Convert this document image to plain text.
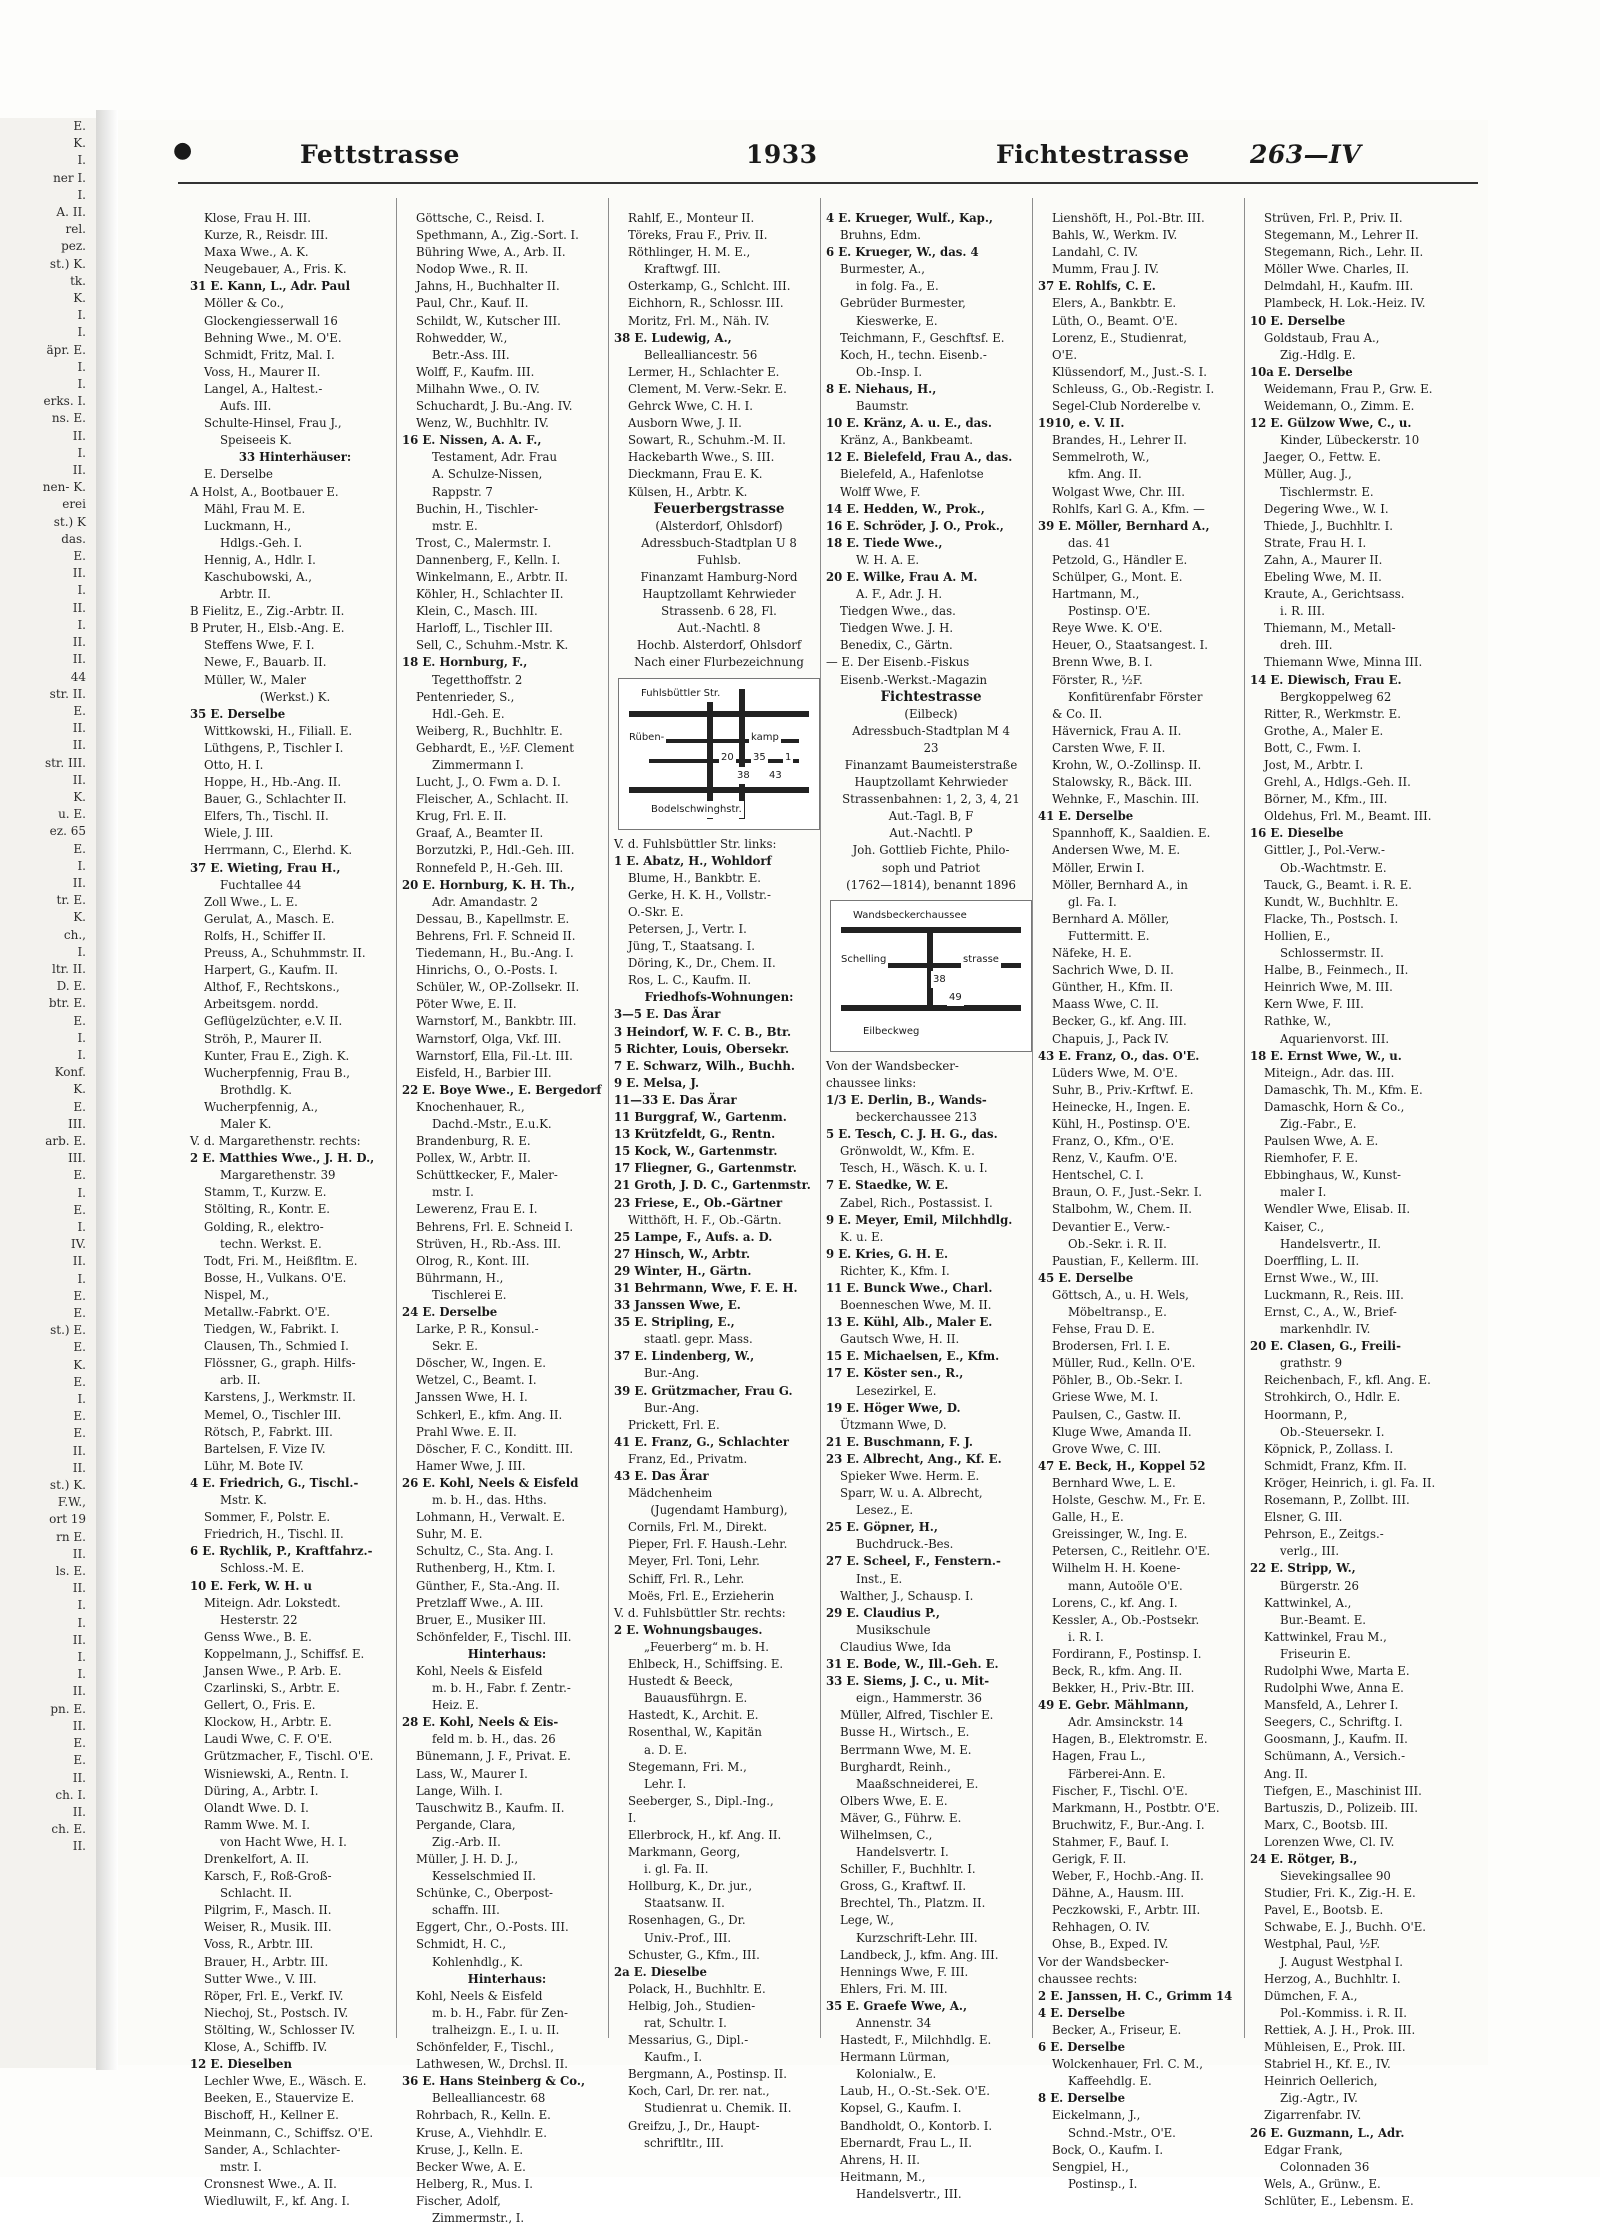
E.
K.
I.
ner I.
I.
A. II.
rel.
pez.
st.) K.
tk.
K.
I.
I.
äpr. E.
I.
I.
erks. I.
ns. E.
II.
I.
II.
nen- K.
erei
st.) K
das.
E.
II.
I.
II.
I.
II.
II.
44
str. II.
E.
II.
II.
str. III.
II.
K.
u. E.
ez. 65
E.
I.
II.
tr. E.
K.
ch.,
I.
ltr. II.
D. E.
btr. E.
E.
I.
I.
Konf.
K.
E.
III.
arb. E.
III.
E.
I.
E.
I.
IV.
II.
I.
E.
E.
st.) E.
E.
K.
E.
I.
E.
E.
II.
II.
st.) K.
F.W.,
ort 19
rn E.
II.
ls. E.
II.
I.
I.
II.
I.
I.
II.
pn. E.
II.
E.
E.
II.
ch. I.
II.
ch. E.
II.
●	Fettstrasse	1933	Fichtestrasse 263—IV
Klose, Frau H. III.
Kurze, R., Reisdr. III.
Maxa Wwe., A. K.
Neugebauer, A., Fris. K.
31 E. Kann, L., Adr. Paul
Möller & Co.,
Glockengiesserwall 16
Behning Wwe., M. O'E.
Schmidt, Fritz, Mal. I.
Voss, H., Maurer II.
Langel, A., Haltest.-
Aufs. III.
Schulte-Hinsel, Frau J.,
Speiseeis K.
33 Hinterhäuser:
E. Derselbe
A Holst, A., Bootbauer E.
Mähl, Frau M. E.
Luckmann, H.,
Hdlgs.-Geh. I.
Hennig, A., Hdlr. I.
Kaschubowski, A.,
Arbtr. II.
B Fielitz, E., Zig.-Arbtr. II.
B Pruter, H., Elsb.-Ang. E.
Steffens Wwe, F. I.
Newe, F., Bauarb. II.
Müller, W., Maler
(Werkst.) K.
35 E. Derselbe
Wittkowski, H., Filiall. E.
Lüthgens, P., Tischler I.
Otto, H. I.
Hoppe, H., Hb.-Ang. II.
Bauer, G., Schlachter II.
Elfers, Th., Tischl. II.
Wiele, J. III.
Herrmann, C., Elerhd. K.
37 E. Wieting, Frau H.,
Fuchtallee 44
Zoll Wwe., L. E.
Gerulat, A., Masch. E.
Rolfs, H., Schiffer II.
Preuss, A., Schuhmmstr. II.
Harpert, G., Kaufm. II.
Althof, F., Rechtskons.,
Arbeitsgem. nordd.
Geflügelzüchter, e.V. II.
Ströh, P., Maurer II.
Kunter, Frau E., Zigh. K.
Wucherpfennig, Frau B.,
Brothdlg. K.
Wucherpfennig, A.,
Maler K.
V. d. Margarethenstr. rechts:
2 E. Matthies Wwe., J. H. D.,
Margarethenstr. 39
Stamm, T., Kurzw. E.
Stölting, R., Kontr. E.
Golding, R., elektro-
techn. Werkst. E.
Todt, Fri. M., Heißfltm. E.
Bosse, H., Vulkans. O'E.
Nispel, M.,
Metallw.-Fabrkt. O'E.
Tiedgen, W., Fabrikt. I.
Clausen, Th., Schmied I.
Flössner, G., graph. Hilfs-
arb. II.
Karstens, J., Werkmstr. II.
Memel, O., Tischler III.
Rötsch, P., Fabrkt. III.
Bartelsen, F. Vize IV.
Lühr, M. Bote IV.
4 E. Friedrich, G., Tischl.-
Mstr. K.
Sommer, F., Polstr. E.
Friedrich, H., Tischl. II.
6 E. Rychlik, P., Kraftfahrz.-
Schloss.-M. E.
10 E. Ferk, W. H. u
Miteign. Adr. Lokstedt.
Hesterstr. 22
Genss Wwe., B. E.
Koppelmann, J., Schiffsf. E.
Jansen Wwe., P. Arb. E.
Czarlinski, S., Arbtr. E.
Gellert, O., Fris. E.
Klockow, H., Arbtr. E.
Laudi Wwe, C. F. O'E.
Grützmacher, F., Tischl. O'E.
Wisniewski, A., Rentn. I.
Düring, A., Arbtr. I.
Olandt Wwe. D. I.
Ramm Wwe. M. I.
von Hacht Wwe, H. I.
Drenkelfort, A. II.
Karsch, F., Roß-Groß-
Schlacht. II.
Pilgrim, F., Masch. II.
Weiser, R., Musik. III.
Voss, R., Arbtr. III.
Brauer, H., Arbtr. III.
Sutter Wwe., V. III.
Röper, Frl. E., Verkf. IV.
Niechoj, St., Postsch. IV.
Stölting, W., Schlosser IV.
Klose, A., Schiffb. IV.
12 E. Dieselben
Lechler Wwe, E., Wäsch. E.
Beeken, E., Stauervize E.
Bischoff, H., Kellner E.
Meinmann, C., Schiffsz. O'E.
Sander, A., Schlachter-
mstr. I.
Cronsnest Wwe., A. II.
Wiedluwilt, F., kf. Ang. I.
Göttsche, C., Reisd. I.
Spethmann, A., Zig.-Sort. I.
Bühring Wwe, A., Arb. II.
Nodop Wwe., R. II.
Jahns, H., Buchhalter II.
Paul, Chr., Kauf. II.
Schildt, W., Kutscher III.
Rohwedder, W.,
Betr.-Ass. III.
Wolff, F., Kaufm. III.
Milhahn Wwe., O. IV.
Schuchardt, J. Bu.-Ang. IV.
Wenz, W., Buchhltr. IV.
16 E. Nissen, A. A. F.,
Testament, Adr. Frau
A. Schulze-Nissen,
Rappstr. 7
Buchin, H., Tischler-
mstr. E.
Trost, C., Malermstr. I.
Dannenberg, F., Kelln. I.
Winkelmann, E., Arbtr. II.
Köhler, H., Schlachter II.
Klein, C., Masch. III.
Harloff, L., Tischler III.
Sell, C., Schuhm.-Mstr. K.
18 E. Hornburg, F.,
Tegetthoffstr. 2
Pentenrieder, S.,
Hdl.-Geh. E.
Weiberg, R., Buchhltr. E.
Gebhardt, E., ½F. Clement
Zimmermann I.
Lucht, J., O. Fwm a. D. I.
Fleischer, A., Schlacht. II.
Krug, Frl. E. II.
Graaf, A., Beamter II.
Borzutzki, P., Hdl.-Geh. III.
Ronnefeld P., H.-Geh. III.
20 E. Hornburg, K. H. Th.,
Adr. Amandastr. 2
Dessau, B., Kapellmstr. E.
Behrens, Frl. F. Schneid II.
Tiedemann, H., Bu.-Ang. I.
Hinrichs, O., O.-Posts. I.
Schüler, W., OP.-Zollsekr. II.
Pöter Wwe, E. II.
Warnstorf, M., Bankbtr. III.
Warnstorf, Olga, Vkf. III.
Warnstorf, Ella, Fil.-Lt. III.
Eisfeld, H., Barbier III.
22 E. Boye Wwe., E. Bergedorf
Knochenhauer, R.,
Dachd.-Mstr., E.u.K.
Brandenburg, R. E.
Pollex, W., Arbtr. II.
Schüttkecker, F., Maler-
mstr. I.
Lewerenz, Frau E. I.
Behrens, Frl. E. Schneid I.
Strüven, H., Rb.-Ass. III.
Olrog, R., Kont. III.
Bührmann, H.,
Tischlerei E.
24 E. Derselbe
Larke, P. R., Konsul.-
Sekr. E.
Döscher, W., Ingen. E.
Wetzel, C., Beamt. I.
Janssen Wwe, H. I.
Schkerl, E., kfm. Ang. II.
Prahl Wwe. E. II.
Döscher, F. C., Konditt. III.
Hamer Wwe, J. III.
26 E. Kohl, Neels & Eisfeld
m. b. H., das. Hths.
Lohmann, H., Verwalt. E.
Suhr, M. E.
Schultz, C., Sta. Ang. I.
Ruthenberg, H., Ktm. I.
Günther, F., Sta.-Ang. II.
Pretzlaff Wwe., A. III.
Bruer, E., Musiker III.
Schönfelder, F., Tischl. III.
Hinterhaus:
Kohl, Neels & Eisfeld
m. b. H., Fabr. f. Zentr.-
Heiz. E.
28 E. Kohl, Neels & Eis-
feld m. b. H., das. 26
Bünemann, J. F., Privat. E.
Lass, W., Maurer I.
Lange, Wilh. I.
Tauschwitz B., Kaufm. II.
Pergande, Clara,
Zig.-Arb. II.
Müller, J. H. D. J.,
Kesselschmied II.
Schünke, C., Oberpost-
schaffn. III.
Eggert, Chr., O.-Posts. III.
Schmidt, H. C.,
Kohlenhdlg., K.
Hinterhaus:
Kohl, Neels & Eisfeld
m. b. H., Fabr. für Zen-
tralheizgn. E., I. u. II.
Schönfelder, F., Tischl.,
Lathwesen, W., Drchsl. II.
36 E. Hans Steinberg & Co.,
Bellealliancestr. 68
Rohrbach, R., Kelln. E.
Kruse, A., Viehhdlr. E.
Kruse, J., Kelln. E.
Becker Wwe, A. E.
Helberg, R., Mus. I.
Fischer, Adolf,
Zimmermstr., I.
Rahlf, E., Monteur II.
Töreks, Frau F., Priv. II.
Röthlinger, H. M. E.,
Kraftwgf. III.
Osterkamp, G., Schlcht. III.
Eichhorn, R., Schlossr. III.
Moritz, Frl. M., Näh. IV.
38 E. Ludewig, A.,
Bellealliancestr. 56
Lermer, H., Schlachter E.
Clement, M. Verw.-Sekr. E.
Gehrck Wwe, C. H. I.
Ausborn Wwe, J. II.
Sowart, R., Schuhm.-M. II.
Hackebarth Wwe., S. III.
Dieckmann, Frau E. K.
Külsen, H., Arbtr. K.
Feuerbergstrasse
(Alsterdorf, Ohlsdorf)
Adressbuch-Stadtplan U 8
Fuhlsb.
Finanzamt Hamburg-Nord
Hauptzollamt Kehrwieder
Strassenb. 6 28, Fl.
Aut.-Nachtl. 8
Hochb. Alsterdorf, Ohlsdorf
Nach einer Flurbezeichnung
Fuhlsbüttler Str.
Rüben-	kamp
Bodelschwinghstr.
20
38
35
43
1
V. d. Fuhlsbüttler Str. links:
1 E. Abatz, H., Wohldorf
Blume, H., Bankbtr. E.
Gerke, H. K. H., Vollstr.-
O.-Skr. E.
Petersen, J., Vertr. I.
Jüng, T., Staatsang. I.
Döring, K., Dr., Chem. II.
Ros, L. C., Kaufm. II.
Friedhofs-Wohnungen:
3—5 E. Das Ärar
3 Heindorf, W. F. C. B., Btr.
5 Richter, Louis, Obersekr.
7 E. Schwarz, Wilh., Buchh.
9 E. Melsa, J.
11—33 E. Das Ärar
11 Burggraf, W., Gartenm.
13 Krützfeldt, G., Rentn.
15 Kock, W., Gartenmstr.
17 Fliegner, G., Gartenmstr.
21 Groth, J. D. C., Gartenmstr.
23 Friese, E., Ob.-Gärtner
Witthöft, H. F., Ob.-Gärtn.
25 Lampe, F., Aufs. a. D.
27 Hinsch, W., Arbtr.
29 Winter, H., Gärtn.
31 Behrmann, Wwe, F. E. H.
33 Janssen Wwe, E.
35 E. Stripling, E.,
staatl. gepr. Mass.
37 E. Lindenberg, W.,
Bur.-Ang.
39 E. Grützmacher, Frau G.
Bur.-Ang.
Prickett, Frl. E.
41 E. Franz, G., Schlachter
Franz, Ed., Privatm.
43 E. Das Ärar
Mädchenheim
(Jugendamt Hamburg),
Cornils, Frl. M., Direkt.
Pieper, Frl. F. Haush.-Lehr.
Meyer, Frl. Toni, Lehr.
Schiff, Frl. R., Lehr.
Moës, Frl. E., Erzieherin
V. d. Fuhlsbüttler Str. rechts:
2 E. Wohnungsbauges.
„Feuerberg“ m. b. H.
Ehlbeck, H., Schiffsing. E.
Hustedt & Beeck,
Bauausführgn. E.
Hastedt, K., Archit. E.
Rosenthal, W., Kapitän
a. D. E.
Stegemann, Fri. M.,
Lehr. I.
Seeberger, S., Dipl.-Ing.,
I.
Ellerbrock, H., kf. Ang. II.
Markmann, Georg,
i. gl. Fa. II.
Hollburg, K., Dr. jur.,
Staatsanw. II.
Rosenhagen, G., Dr.
Univ.-Prof., III.
Schuster, G., Kfm., III.
2a E. Dieselbe
Polack, H., Buchhltr. E.
Helbig, Joh., Studien-
rat, Schultr. I.
Messarius, G., Dipl.-
Kaufm., I.
Bergmann, A., Postinsp. II.
Koch, Carl, Dr. rer. nat.,
Studienrat u. Chemik. II.
Greifzu, J., Dr., Haupt-
schriftltr., III.
4 E. Krueger, Wulf., Kap.,
Bruhns, Edm.
6 E. Krueger, W., das. 4
Burmester, A.,
in folg. Fa., E.
Gebrüder Burmester,
Kieswerke, E.
Teichmann, F., Geschftsf. E.
Koch, H., techn. Eisenb.-
Ob.-Insp. I.
8 E. Niehaus, H.,
Baumstr.
10 E. Kränz, A. u. E., das.
Kränz, A., Bankbeamt.
12 E. Bielefeld, Frau A., das.
Bielefeld, A., Hafenlotse
Wolff Wwe, F.
14 E. Hedden, W., Prok.,
16 E. Schröder, J. O., Prok.,
18 E. Tiede Wwe.,
W. H. A. E.
20 E. Wilke, Frau A. M.
A. F., Adr. J. H.
Tiedgen Wwe., das.
Tiedgen Wwe. J. H.
Benedix, C., Gärtn.
— E. Der Eisenb.-Fiskus
Eisenb.-Werkst.-Magazin
Fichtestrasse
(Eilbeck)
Adressbuch-Stadtplan M 4
23
Finanzamt Baumeisterstraße
Hauptzollamt Kehrwieder
Strassenbahnen: 1, 2, 3, 4, 21
Aut.-Tagl. B, F
Aut.-Nachtl. P
Joh. Gottlieb Fichte, Philo-
soph und Patriot
(1762—1814), benannt 1896
Wandsbeckerchaussee
Schelling	strasse
Eilbeckweg
38
49
Von der Wandsbecker-
chaussee links:
1/3 E. Derlin, B., Wands-
beckerchaussee 213
5 E. Tesch, C. J. H. G., das.
Grönwoldt, W., Kfm. E.
Tesch, H., Wäsch. K. u. I.
7 E. Staedke, W. E.
Zabel, Rich., Postassist. I.
9 E. Meyer, Emil, Milchhdlg.
K. u. E.
9 E. Kries, G. H. E.
Richter, K., Kfm. I.
11 E. Bunck Wwe., Charl.
Boenneschen Wwe, M. II.
13 E. Kühl, Alb., Maler E.
Gautsch Wwe, H. II.
15 E. Michaelsen, E., Kfm.
17 E. Köster sen., R.,
Lesezirkel, E.
19 E. Höger Wwe, D.
Ützmann Wwe, D.
21 E. Buschmann, F. J.
23 E. Albrecht, Ang., Kf. E.
Spieker Wwe. Herm. E.
Sparr, W. u. A. Albrecht,
Lesez., E.
25 E. Göpner, H.,
Buchdruck.-Bes.
27 E. Scheel, F., Fenstern.-
Inst., E.
Walther, J., Schausp. I.
29 E. Claudius P.,
Musikschule
Claudius Wwe, Ida
31 E. Bode, W., Ill.-Geh. E.
33 E. Siems, J. C., u. Mit-
eign., Hammerstr. 36
Müller, Alfred, Tischler E.
Busse H., Wirtsch., E.
Berrmann Wwe, M. E.
Burghardt, Reinh.,
Maaßschneiderei, E.
Olbers Wwe, E. E.
Mäver, G., Führw. E.
Wilhelmsen, C.,
Handelsvertr. I.
Schiller, F., Buchhltr. I.
Gross, G., Kraftwf. II.
Brechtel, Th., Platzm. II.
Lege, W.,
Kurzschrift-Lehr. III.
Landbeck, J., kfm. Ang. III.
Hennings Wwe, F. III.
Ehlers, Fri. M. III.
35 E. Graefe Wwe, A.,
Annenstr. 34
Hastedt, F., Milchhdlg. E.
Hermann Lürman,
Kolonialw., E.
Laub, H., O.-St.-Sek. O'E.
Kopsel, G., Kaufm. I.
Bandholdt, O., Kontorb. I.
Ebernardt, Frau L., II.
Ahrens, H. II.
Heitmann, M.,
Handelsvertr., III.
Lienshöft, H., Pol.-Btr. III.
Bahls, W., Werkm. IV.
Landahl, C. IV.
Mumm, Frau J. IV.
37 E. Rohlfs, C. E.
Elers, A., Bankbtr. E.
Lüth, O., Beamt. O'E.
Lorenz, E., Studienrat,
O'E.
Klüssendorf, M., Just.-S. I.
Schleuss, G., Ob.-Registr. I.
Segel-Club Norderelbe v.
1910, e. V. II.
Brandes, H., Lehrer II.
Semmelroth, W.,
kfm. Ang. II.
Wolgast Wwe, Chr. III.
Rohlfs, Karl G. A., Kfm. —
39 E. Möller, Bernhard A.,
das. 41
Petzold, G., Händler E.
Schülper, G., Mont. E.
Hartmann, M.,
Postinsp. O'E.
Reye Wwe. K. O'E.
Heuer, O., Staatsangest. I.
Brenn Wwe, B. I.
Förster, R., ½F.
Konfitürenfabr Förster
& Co. II.
Hävernick, Frau A. II.
Carsten Wwe, F. II.
Krohn, W., O.-Zollinsp. II.
Stalowsky, R., Bäck. III.
Wehnke, F., Maschin. III.
41 E. Derselbe
Spannhoff, K., Saaldien. E.
Andersen Wwe, M. E.
Möller, Erwin I.
Möller, Bernhard A., in
gl. Fa. I.
Bernhard A. Möller,
Futtermitt. E.
Näfeke, H. E.
Sachrich Wwe, D. II.
Günther, H., Kfm. II.
Maass Wwe, C. II.
Becker, G., kf. Ang. III.
Chapuis, J., Pack IV.
43 E. Franz, O., das. O'E.
Lüders Wwe, M. O'E.
Suhr, B., Priv.-Krftwf. E.
Heinecke, H., Ingen. E.
Kühl, H., Postinsp. O'E.
Franz, O., Kfm., O'E.
Renz, V., Kaufm. O'E.
Hentschel, C. I.
Braun, O. F., Just.-Sekr. I.
Stalbohm, W., Chem. II.
Devantier E., Verw.-
Ob.-Sekr. i. R. II.
Paustian, F., Kellerm. III.
45 E. Derselbe
Göttsch, A., u. H. Wels,
Möbeltransp., E.
Fehse, Frau D. E.
Brodersen, Frl. I. E.
Müller, Rud., Kelln. O'E.
Pöhler, B., Ob.-Sekr. I.
Griese Wwe, M. I.
Paulsen, C., Gastw. II.
Kluge Wwe, Amanda II.
Grove Wwe, C. III.
47 E. Beck, H., Koppel 52
Bernhard Wwe, L. E.
Holste, Geschw. M., Fr. E.
Galle, H., E.
Greissinger, W., Ing. E.
Petersen, C., Reitlehr. O'E.
Wilhelm H. H. Koene-
mann, Autoöle O'E.
Lorens, C., kf. Ang. I.
Kessler, A., Ob.-Postsekr.
i. R. I.
Fordirann, F., Postinsp. I.
Beck, R., kfm. Ang. II.
Bekker, H., Priv.-Btr. III.
49 E. Gebr. Mählmann,
Adr. Amsinckstr. 14
Hagen, B., Elektromstr. E.
Hagen, Frau L.,
Färberei-Ann. E.
Fischer, F., Tischl. O'E.
Markmann, H., Postbtr. O'E.
Bruchwitz, F., Bur.-Ang. I.
Stahmer, F., Bauf. I.
Gerigk, F. II.
Weber, F., Hochb.-Ang. II.
Dähne, A., Hausm. III.
Peczkowski, F., Arbtr. III.
Rehhagen, O. IV.
Ohse, B., Exped. IV.
Vor der Wandsbecker-
chaussee rechts:
2 E. Janssen, H. C., Grimm 14
4 E. Derselbe
Becker, A., Friseur, E.
6 E. Derselbe
Wolckenhauer, Frl. C. M.,
Kaffeehdlg. E.
8 E. Derselbe
Eickelmann, J.,
Schnd.-Mstr., O'E.
Bock, O., Kaufm. I.
Sengpiel, H.,
Postinsp., I.
Strüven, Frl. P., Priv. II.
Stegemann, M., Lehrer II.
Stegemann, Rich., Lehr. II.
Möller Wwe. Charles, II.
Delmdahl, H., Kaufm. III.
Plambeck, H. Lok.-Heiz. IV.
10 E. Derselbe
Goldstaub, Frau A.,
Zig.-Hdlg. E.
10a E. Derselbe
Weidemann, Frau P., Grw. E.
Weidemann, O., Zimm. E.
12 E. Gülzow Wwe, C., u.
Kinder, Lübeckerstr. 10
Jaeger, O., Fettw. E.
Müller, Aug. J.,
Tischlermstr. E.
Degering Wwe., W. I.
Thiede, J., Buchhltr. I.
Strate, Frau H. I.
Zahn, A., Maurer II.
Ebeling Wwe, M. II.
Kraute, A., Gerichtsass.
i. R. III.
Thiemann, M., Metall-
dreh. III.
Thiemann Wwe, Minna III.
14 E. Diewisch, Frau E.
Bergkoppelweg 62
Ritter, R., Werkmstr. E.
Grothe, A., Maler E.
Bott, C., Fwm. I.
Jost, M., Arbtr. I.
Grehl, A., Hdlgs.-Geh. II.
Börner, M., Kfm., III.
Oldehus, Frl. M., Beamt. III.
16 E. Dieselbe
Gittler, J., Pol.-Verw.-
Ob.-Wachtmstr. E.
Tauck, G., Beamt. i. R. E.
Kundt, W., Buchhltr. E.
Flacke, Th., Postsch. I.
Hollien, E.,
Schlossermstr. II.
Halbe, B., Feinmech., II.
Heinrich Wwe, M. III.
Kern Wwe, F. III.
Rathke, W.,
Aquarienvorst. III.
18 E. Ernst Wwe, W., u.
Miteign., Adr. das. III.
Damaschk, Th. M., Kfm. E.
Damaschk, Horn & Co.,
Zig.-Fabr., E.
Paulsen Wwe, A. E.
Riemhofer, F. E.
Ebbinghaus, W., Kunst-
maler I.
Wendler Wwe, Elisab. II.
Kaiser, C.,
Handelsvertr., II.
Doerffling, L. II.
Ernst Wwe., W., III.
Luckmann, R., Reis. III.
Ernst, C., A., W., Brief-
markenhdlr. IV.
20 E. Clasen, G., Freili-
grathstr. 9
Reichenbach, F., kfl. Ang. E.
Strohkirch, O., Hdlr. E.
Hoormann, P.,
Ob.-Steuersekr. I.
Köpnick, P., Zollass. I.
Schmidt, Franz, Kfm. II.
Kröger, Heinrich, i. gl. Fa. II.
Rosemann, P., Zollbt. III.
Elsner, G. III.
Pehrson, E., Zeitgs.-
verlg., III.
22 E. Stripp, W.,
Bürgerstr. 26
Kattwinkel, A.,
Bur.-Beamt. E.
Kattwinkel, Frau M.,
Friseurin E.
Rudolphi Wwe, Marta E.
Rudolphi Wwe, Anna E.
Mansfeld, A., Lehrer I.
Seegers, C., Schriftg. I.
Goosmann, J., Kaufm. II.
Schümann, A., Versich.-
Ang. II.
Tiefgen, E., Maschinist III.
Bartuszis, D., Polizeib. III.
Marx, C., Bootsb. III.
Lorenzen Wwe, Cl. IV.
24 E. Rötger, B.,
Sievekingsallee 90
Studier, Fri. K., Zig.-H. E.
Pavel, E., Bootsb. E.
Schwabe, E. J., Buchh. O'E.
Westphal, Paul, ½F.
J. August Westphal I.
Herzog, A., Buchhltr. I.
Dümchen, F. A.,
Pol.-Kommiss. i. R. II.
Rettiek, A. J. H., Prok. III.
Mühleisen, E., Prok. III.
Stabriel H., Kf. E., IV.
Heinrich Oellerich,
Zig.-Agtr., IV.
Zigarrenfabr. IV.
26 E. Guzmann, L., Adr.
Edgar Frank,
Colonnaden 36
Wels, A., Grünw., E.
Schlüter, E., Lebensm. E.
